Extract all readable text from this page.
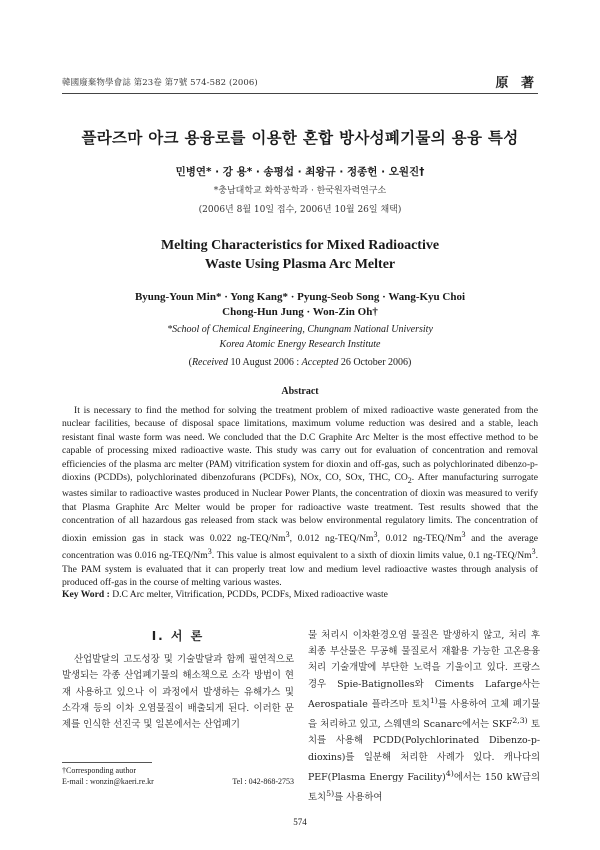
韓國廢棄物學會誌 第23卷 第7號 574-582 (2006)	原 著
플라즈마 아크 용융로를 이용한 혼합 방사성폐기물의 용융 특성
민병연* · 강 용* · 송평섭 · 최왕규 · 정종헌 · 오원진†
*충남대학교 화학공학과 · 한국원자력연구소
(2006년 8월 10일 접수, 2006년 10월 26일 채택)
Melting Characteristics for Mixed Radioactive
Waste Using Plasma Arc Melter
Byung-Youn Min* · Yong Kang* · Pyung-Seob Song · Wang-Kyu Choi
Chong-Hun Jung · Won-Zin Oh†
*School of Chemical Engineering, Chungnam National University
Korea Atomic Energy Research Institute
(Received 10 August 2006 : Accepted 26 October 2006)
Abstract
It is necessary to find the method for solving the treatment problem of mixed radioactive waste generated from the nuclear facilities, because of disposal space limitations, maximum volume reduction was desired and a stable, leach resistant final waste form was need. We concluded that the D.C Graphite Arc Melter is the most effective method to be capable of processing mixed radioactive waste. This study was carry out for evaluation of concentration and removal efficiencies of the plasma arc melter (PAM) vitrification system for dioxin and off-gas, such as polychlorinated dibenzo-p-dioxins (PCDDs), polychlorinated dibenzofurans (PCDFs), NOx, CO, SOx, THC, $CO_2$. After manufacturing surrogate wastes similar to radioactive wastes produced in Nuclear Power Plants, the concentration of dioxin was measured to verify that Plasma Graphite Arc Melter would be proper for radioactive waste treatment. Test results showed that the concentration of all hazardous gas released from stack was below environmental regulatory limits. The concentration of dioxin emission gas in stack was 0.022 ng-TEQ/Nm$^3$, 0.012 ng-TEQ/Nm$^3$, 0.012 ng-TEQ/Nm$^3$ and the average concentration was 0.016 ng-TEQ/Nm$^3$. This value is almost equivalent to a sixth of dioxin limits value, 0.1 ng-TEQ/Nm$^3$. The PAM system is evaluated that it can properly treat low and medium level radioactive wastes through analysis of produced off-gas in the course of melting various wastes.
Key Word : D.C Arc melter, Vitrification, PCDDs, PCDFs, Mixed radioactive waste
I. 서 론
산업발달의 고도성장 및 기술발달과 함께 필연적으로 발생되는 각종 산업폐기물의 해소책으로 소각 방법이 현재 사용하고 있으나 이 과정에서 발생하는 유해가스 및 소각재 등의 이차 오염물질이 배출되게 된다. 이러한 문제를 인식한 선진국 및 일본에서는 산업폐기
물 처리시 이차환경오염 물질은 발생하지 않고, 처리 후 최종 부산물은 무공해 물질로서 재활용 가능한 고온용융처리 기술개발에 부단한 노력을 기울이고 있다. 프랑스 경우 Spie-Batignolles와 Ciments Lafarge사는 Aerospatiale 플라즈마 토치$^{1)}$를 사용하여 고체 폐기물을 처리하고 있고, 스웨덴의 Scanarc에서는 SKF$^{2,3)}$ 토치를 사용해 PCDD(Polychlorinated Dibenzo-p-dioxins)를 일분해 처리한 사례가 있다. 캐나다의 PEF(Plasma Energy Facility)$^{4)}$에서는 150 kW급의 토치$^{5)}$를 사용하여
†Corresponding author
E-mail : wonzin@kaeri.re.kr	Tel : 042-868-2753
574
